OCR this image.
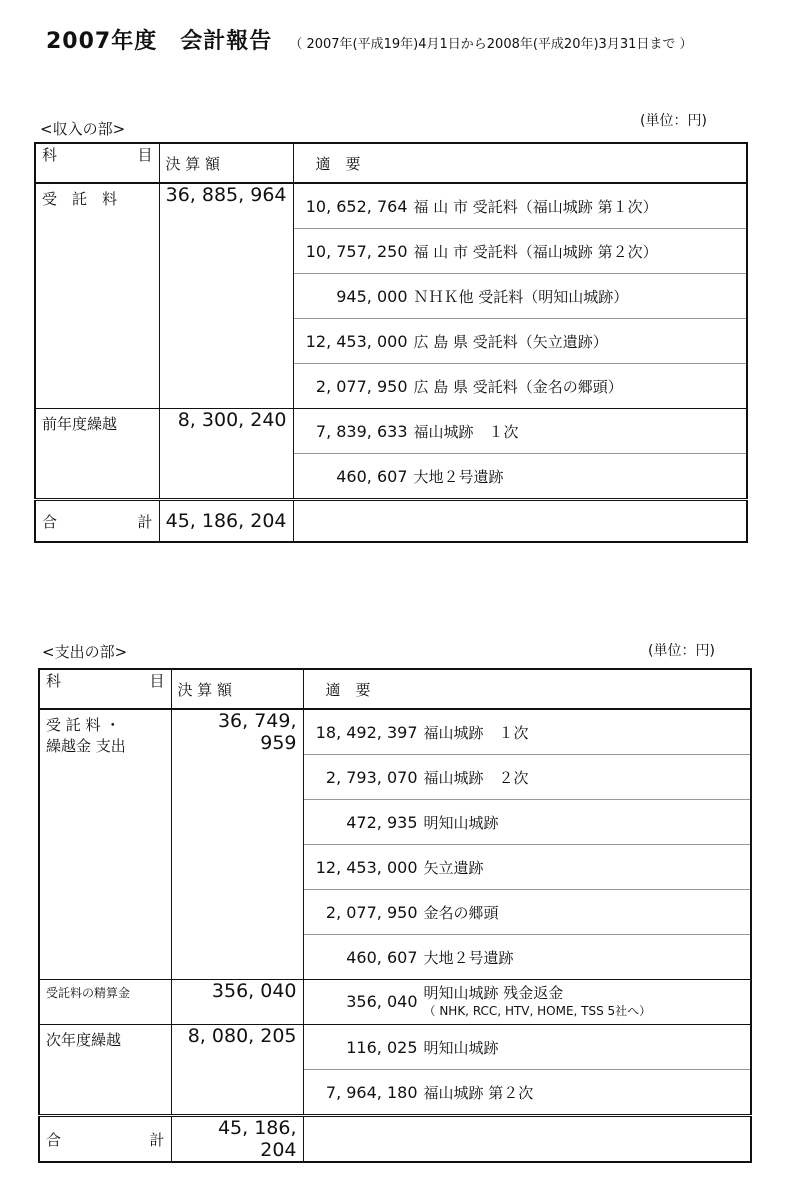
2007年度　会計報告 （ 2007年(平成19年)4月1日から2008年(平成20年)3月31日まで ）
<収入の部>	(単位：円)
科 目	決 算 額	適　要
受　託　料	36, 885, 964	10, 652, 764 福 山 市 受託料（福山城跡 第１次）
		10, 757, 250 福 山 市 受託料（福山城跡 第２次）
		945, 000 ＮＨＫ他 受託料（明知山城跡）
		12, 453, 000 広 島 県 受託料（矢立遺跡）
		2, 077, 950 広 島 県 受託料（金名の郷頭）
前年度繰越	8, 300, 240	7, 839, 633 福山城跡　１次
		460, 607 大地２号遺跡

合 計	45, 186, 204	
<支出の部>	(単位：円)
科 目	決 算 額	適　要
受 託 料 ・
繰越金 支出	36, 749, 959	18, 492, 397 福山城跡　１次
		2, 793, 070 福山城跡　２次
		472, 935 明知山城跡
		12, 453, 000 矢立遺跡
		2, 077, 950 金名の郷頭
		460, 607 大地２号遺跡
受託料の精算金	356, 040	356, 040 明知山城跡 残金返金
（ NHK, RCC, HTV, HOME, TSS 5社へ）
次年度繰越	8, 080, 205	116, 025 明知山城跡
		7, 964, 180 福山城跡 第２次

合 計	45, 186, 204	
